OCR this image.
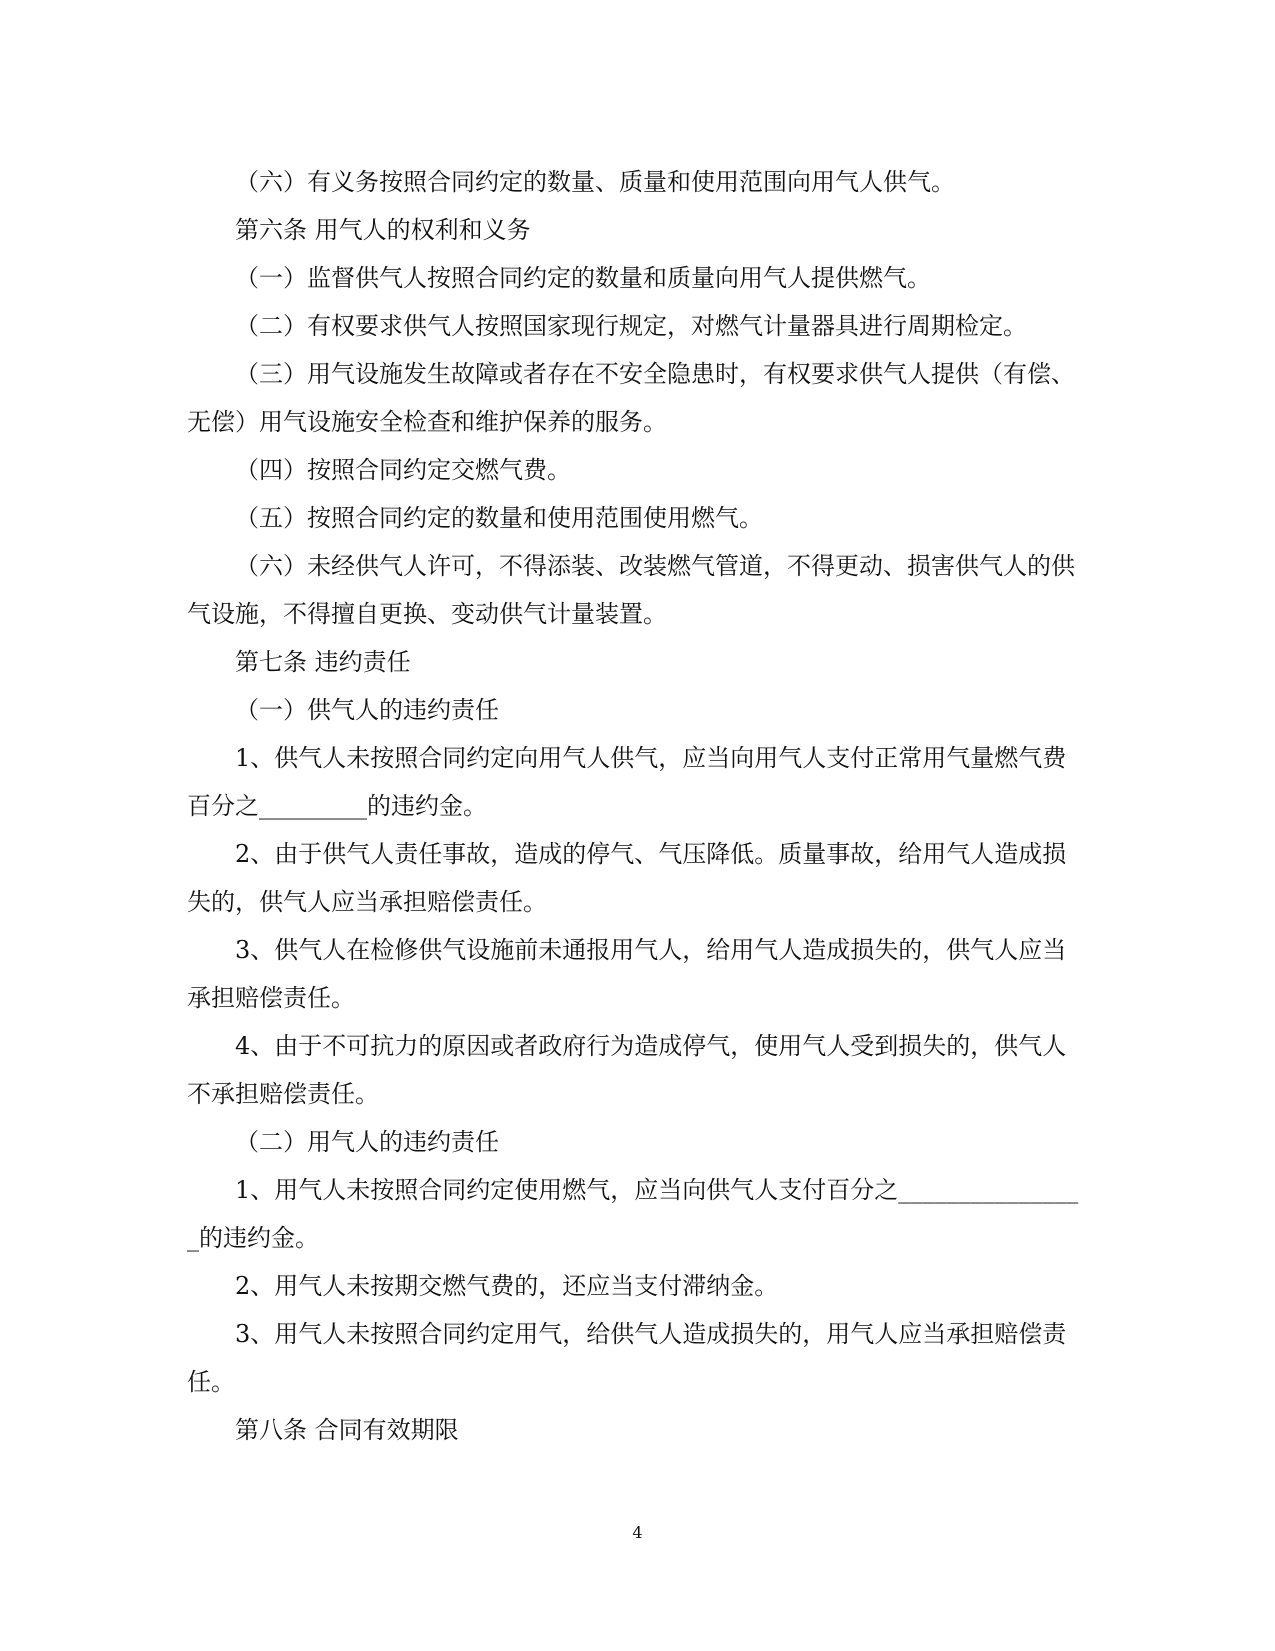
（六）有义务按照合同约定的数量、质量和使用范围向用气人供气。

第六条 用气人的权利和义务

（一）监督供气人按照合同约定的数量和质量向用气人提供燃气。

（二）有权要求供气人按照国家现行规定，对燃气计量器具进行周期检定。

（三）用气设施发生故障或者存在不安全隐患时，有权要求供气人提供（有偿、无偿）用气设施安全检查和维护保养的服务。

（四）按照合同约定交燃气费。

（五）按照合同约定的数量和使用范围使用燃气。

（六）未经供气人许可，不得添装、改装燃气管道，不得更动、损害供气人的供气设施，不得擅自更换、变动供气计量装置。

第七条 违约责任

（一）供气人的违约责任

1、供气人未按照合同约定向用气人供气，应当向用气人支付正常用气量燃气费百分之_________的违约金。

2、由于供气人责任事故，造成的停气、气压降低。质量事故，给用气人造成损失的，供气人应当承担赔偿责任。

3、供气人在检修供气设施前未通报用气人，给用气人造成损失的，供气人应当承担赔偿责任。

4、由于不可抗力的原因或者政府行为造成停气，使用气人受到损失的，供气人不承担赔偿责任。

（二）用气人的违约责任

1、用气人未按照合同约定使用燃气，应当向供气人支付百分之________________的违约金。

2、用气人未按期交燃气费的，还应当支付滞纳金。

3、用气人未按照合同约定用气，给供气人造成损失的，用气人应当承担赔偿责任。

第八条 合同有效期限

4
